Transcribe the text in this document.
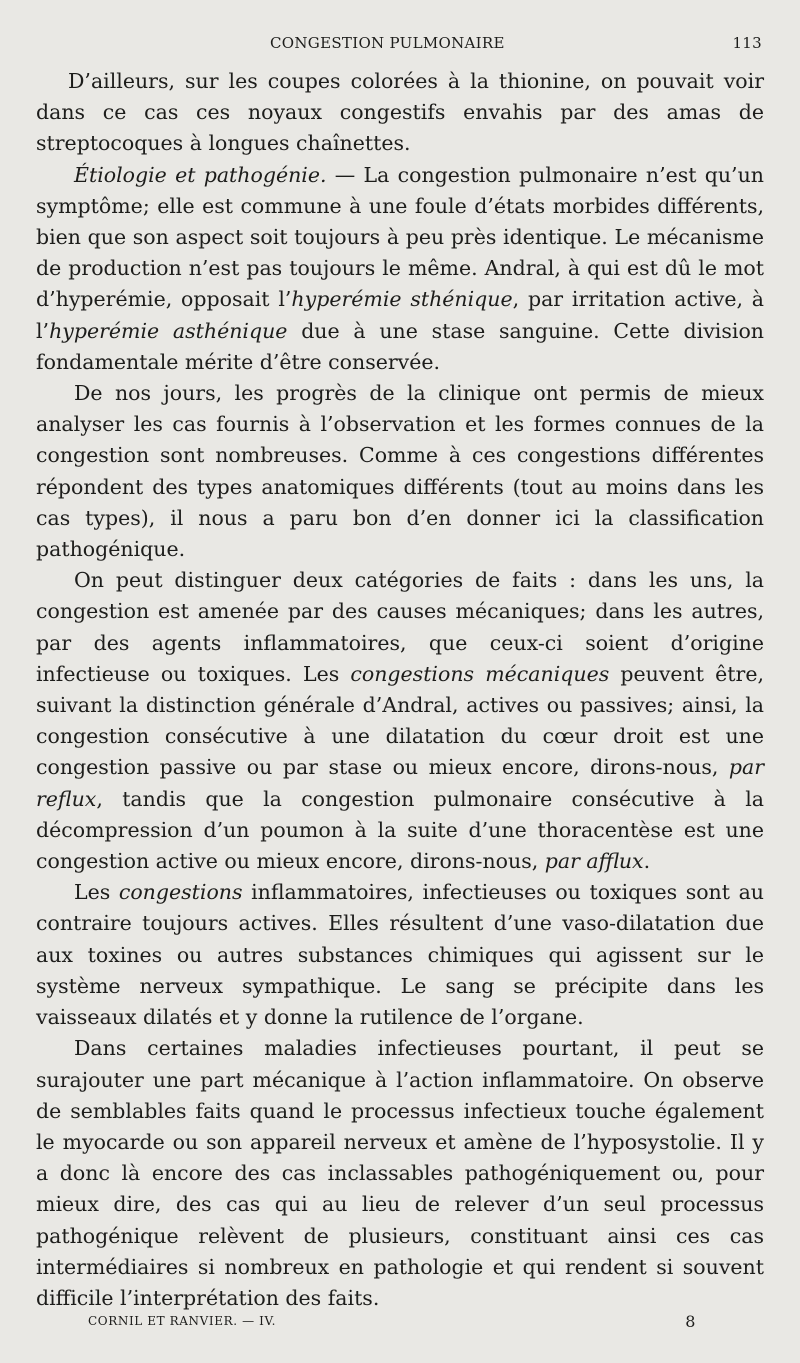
CONGESTION PULMONAIRE	113

D’ailleurs, sur les coupes colorées à la thionine, on pouvait voir dans ce cas ces noyaux congestifs envahis par des amas de streptocoques à longues chaînettes.

Étiologie et pathogénie. — La congestion pulmonaire n’est qu’un symptôme; elle est commune à une foule d’états morbides différents, bien que son aspect soit toujours à peu près identique. Le mécanisme de production n’est pas toujours le même. Andral, à qui est dû le mot d’hyperémie, opposait l’hyperémie sthénique, par irritation active, à l’hyperémie asthénique due à une stase sanguine. Cette division fondamentale mérite d’être conservée.

De nos jours, les progrès de la clinique ont permis de mieux analyser les cas fournis à l’observation et les formes connues de la congestion sont nombreuses. Comme à ces congestions différentes répondent des types anatomiques différents (tout au moins dans les cas types), il nous a paru bon d’en donner ici la classification pathogénique.

On peut distinguer deux catégories de faits : dans les uns, la congestion est amenée par des causes mécaniques; dans les autres, par des agents inflammatoires, que ceux-ci soient d’origine infectieuse ou toxiques. Les congestions mécaniques peuvent être, suivant la distinction générale d’Andral, actives ou passives; ainsi, la congestion consécutive à une dilatation du cœur droit est une congestion passive ou par stase ou mieux encore, dirons-nous, par reflux, tandis que la congestion pulmonaire consécutive à la décompression d’un poumon à la suite d’une thoracentèse est une congestion active ou mieux encore, dirons-nous, par afflux.

Les congestions inflammatoires, infectieuses ou toxiques sont au contraire toujours actives. Elles résultent d’une vaso-dilatation due aux toxines ou autres substances chimiques qui agissent sur le système nerveux sympathique. Le sang se précipite dans les vaisseaux dilatés et y donne la rutilence de l’organe.

Dans certaines maladies infectieuses pourtant, il peut se surajouter une part mécanique à l’action inflammatoire. On observe de semblables faits quand le processus infectieux touche également le myocarde ou son appareil nerveux et amène de l’hyposystolie. Il y a donc là encore des cas inclassables pathogéniquement ou, pour mieux dire, des cas qui au lieu de relever d’un seul processus pathogénique relèvent de plusieurs, constituant ainsi ces cas intermédiaires si nombreux en pathologie et qui rendent si souvent difficile l’interprétation des faits.

CORNIL ET RANVIER. — IV.	8
